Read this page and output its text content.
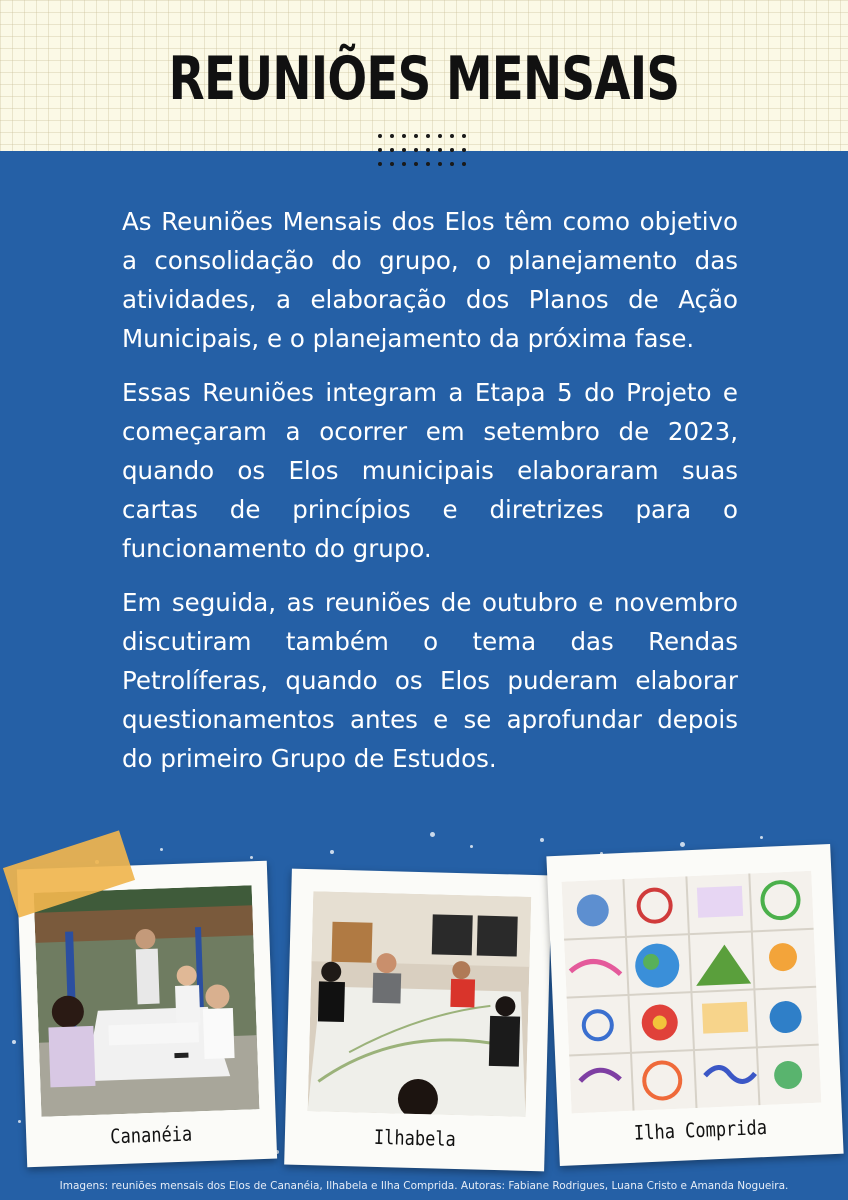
REUNIÕES MENSAIS

As Reuniões Mensais dos Elos têm como objetivo a consolidação do grupo, o planejamento das atividades, a elaboração dos Planos de Ação Municipais, e o planejamento da próxima fase.

Essas Reuniões integram a Etapa 5 do Projeto e começaram a ocorrer em setembro de 2023, quando os Elos municipais elaboraram suas cartas de princípios e diretrizes para o funcionamento do grupo.

Em seguida, as reuniões de outubro e novembro discutiram também o tema das Rendas Petrolíferas, quando os Elos puderam elaborar questionamentos antes e se aprofundar depois do primeiro Grupo de Estudos.

Cananéia	Ilhabela	Ilha Comprida
Imagens: reuniões mensais dos Elos de Cananéia, Ilhabela e Ilha Comprida. Autoras: Fabiane Rodrigues, Luana Cristo e Amanda Nogueira.
